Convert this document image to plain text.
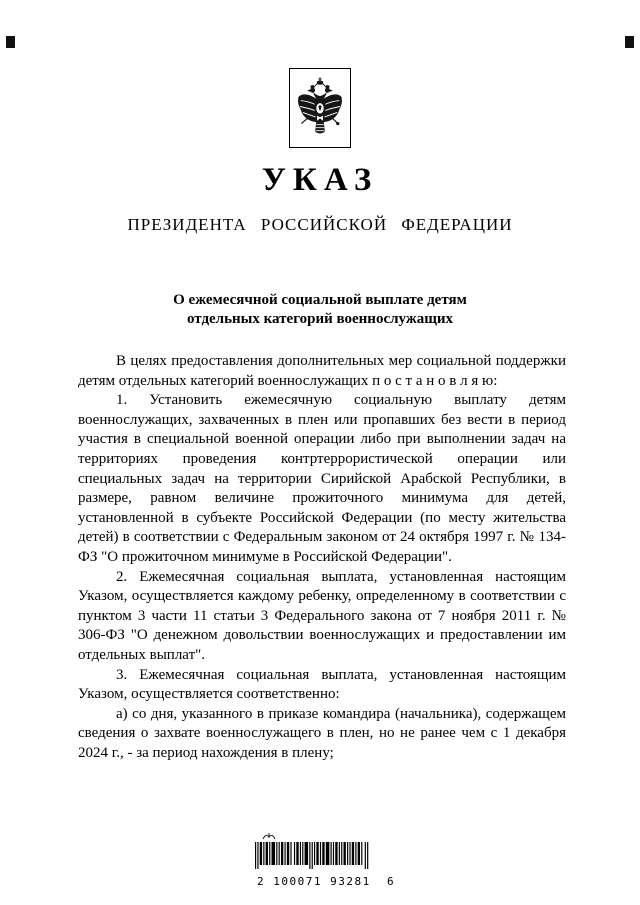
УКАЗ
ПРЕЗИДЕНТА РОССИЙСКОЙ ФЕДЕРАЦИИ
О ежемесячной социальной выплате детям
отдельных категорий военнослужащих

В целях предоставления дополнительных мер социальной поддержки детям отдельных категорий военнослужащих п о с т а н о в л я ю:

1. Установить ежемесячную социальную выплату детям военнослужащих, захваченных в плен или пропавших без вести в период участия в специальной военной операции либо при выполнении задач на территориях проведения контртеррористической операции или специальных задач на территории Сирийской Арабской Республики, в размере, равном величине прожиточного минимума для детей, установленной в субъекте Российской Федерации (по месту жительства детей) в соответствии с Федеральным законом от 24 октября 1997 г. № 134-ФЗ "О прожиточном минимуме в Российской Федерации".

2. Ежемесячная социальная выплата, установленная настоящим Указом, осуществляется каждому ребенку, определенному в соответствии с пунктом 3 части 11 статьи 3 Федерального закона от 7 ноября 2011 г. № 306-ФЗ "О денежном довольствии военнослужащих и предоставлении им отдельных выплат".

3. Ежемесячная социальная выплата, установленная настоящим Указом, осуществляется соответственно:

а) со дня, указанного в приказе командира (начальника), содержащем сведения о захвате военнослужащего в плен, но не ранее чем с 1 декабря 2024 г., - за период нахождения в плену;

2 100071 93281  6
